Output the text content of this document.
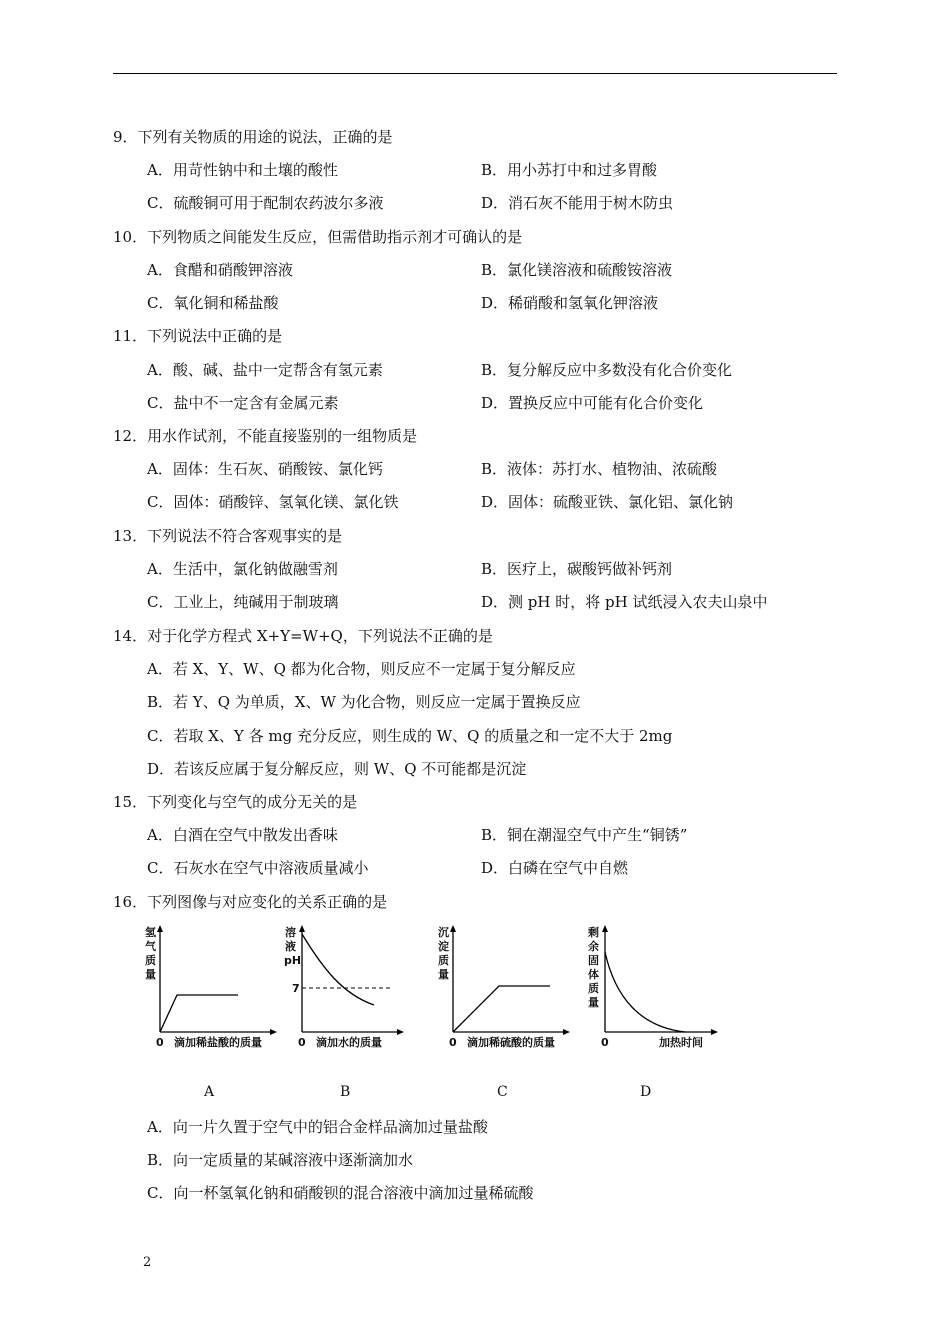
9．下列有关物质的用途的说法，正确的是
A．用苛性钠中和土壤的酸性	B．用小苏打中和过多胃酸
C．硫酸铜可用于配制农药波尔多液	D．消石灰不能用于树木防虫
10．下列物质之间能发生反应，但需借助指示剂才可确认的是
A．食醋和硝酸钾溶液	B．氯化镁溶液和硫酸铵溶液
C．氧化铜和稀盐酸	D．稀硝酸和氢氧化钾溶液
11．下列说法中正确的是
A．酸、碱、盐中一定帮含有氢元素	B．复分解反应中多数没有化合价变化
C．盐中不一定含有金属元素	D．置换反应中可能有化合价变化
12．用水作试剂，不能直接鉴别的一组物质是
A．固体：生石灰、硝酸铵、氯化钙	B．液体：苏打水、植物油、浓硫酸
C．固体：硝酸锌、氢氧化镁、氯化铁	D．固体：硫酸亚铁、氯化铝、氯化钠
13．下列说法不符合客观事实的是
A．生活中，氯化钠做融雪剂	B．医疗上，碳酸钙做补钙剂
C．工业上，纯碱用于制玻璃	D．测 pH 时，将 pH 试纸浸入农夫山泉中
14．对于化学方程式 X+Y=W+Q，下列说法不正确的是
A．若 X、Y、W、Q 都为化合物，则反应不一定属于复分解反应
B．若 Y、Q 为单质，X、W 为化合物，则反应一定属于置换反应
C．若取 X、Y 各 mg 充分反应，则生成的 W、Q 的质量之和一定不大于 2mg
D．若该反应属于复分解反应，则 W、Q 不可能都是沉淀
15．下列变化与空气的成分无关的是
A．白酒在空气中散发出香味	B．铜在潮湿空气中产生“铜锈”
C．石灰水在空气中溶液质量减小	D．白磷在空气中自燃
16．下列图像与对应变化的关系正确的是
氢
气
质
量
0 滴加稀盐酸的质量
溶
液
pH
7
0 滴加水的质量
沉
淀
质
量
0 滴加稀硫酸的质量
剩
余
固
体
质
量
0	加热时间
A	B	C	D
A．向一片久置于空气中的铝合金样品滴加过量盐酸
B．向一定质量的某碱溶液中逐渐滴加水
C．向一杯氢氧化钠和硝酸钡的混合溶液中滴加过量稀硫酸
2
